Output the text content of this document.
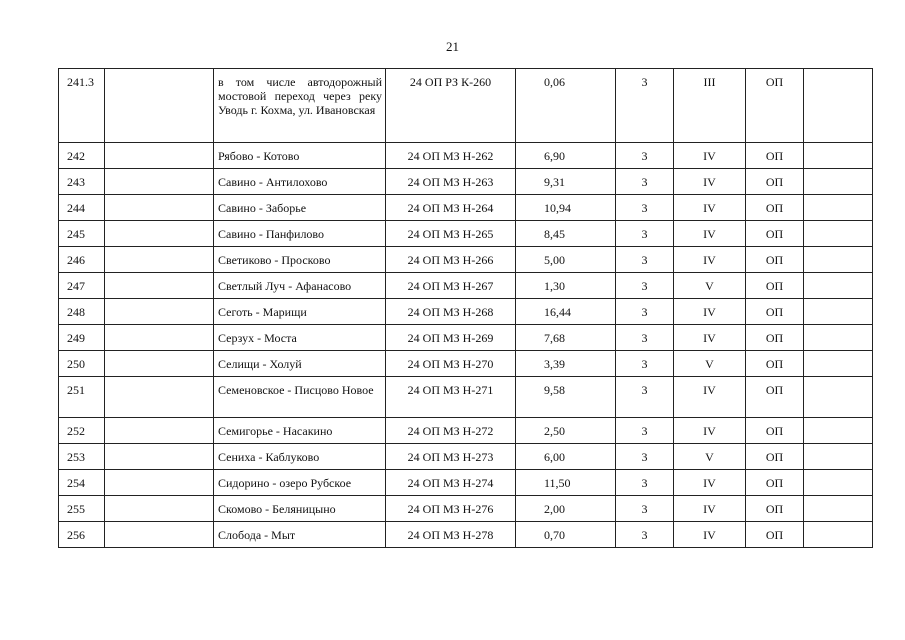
21
241.3		в том числе автодорожный мостовой переход через реку Уводь г. Кохма, ул. Ивановская	24 ОП РЗ К-260	0,06	3	III	ОП	

242		Рябово - Котово	24 ОП МЗ Н-262	6,90	3	IV	ОП	

243		Савино - Антилохово	24 ОП МЗ Н-263	9,31	3	IV	ОП	

244		Савино - Заборье	24 ОП МЗ Н-264	10,94	3	IV	ОП	

245		Савино - Панфилово	24 ОП МЗ Н-265	8,45	3	IV	ОП	

246		Светиково - Просково	24 ОП МЗ Н-266	5,00	3	IV	ОП	

247		Светлый Луч - Афанасово	24 ОП МЗ Н-267	1,30	3	V	ОП	

248		Сеготь - Марищи	24 ОП МЗ Н-268	16,44	3	IV	ОП	

249		Серзух - Моста	24 ОП МЗ Н-269	7,68	3	IV	ОП	

250		Селищи - Холуй	24 ОП МЗ Н-270	3,39	3	V	ОП	

251		Семеновское - Писцово Новое	24 ОП МЗ Н-271	9,58	3	IV	ОП	

252		Семигорье - Насакино	24 ОП МЗ Н-272	2,50	3	IV	ОП	

253		Сениха - Каблуково	24 ОП МЗ Н-273	6,00	3	V	ОП	

254		Сидорино - озеро Рубское	24 ОП МЗ Н-274	11,50	3	IV	ОП	

255		Скомово - Беляницыно	24 ОП МЗ Н-276	2,00	3	IV	ОП	

256		Слобода - Мыт	24 ОП МЗ Н-278	0,70	3	IV	ОП	
